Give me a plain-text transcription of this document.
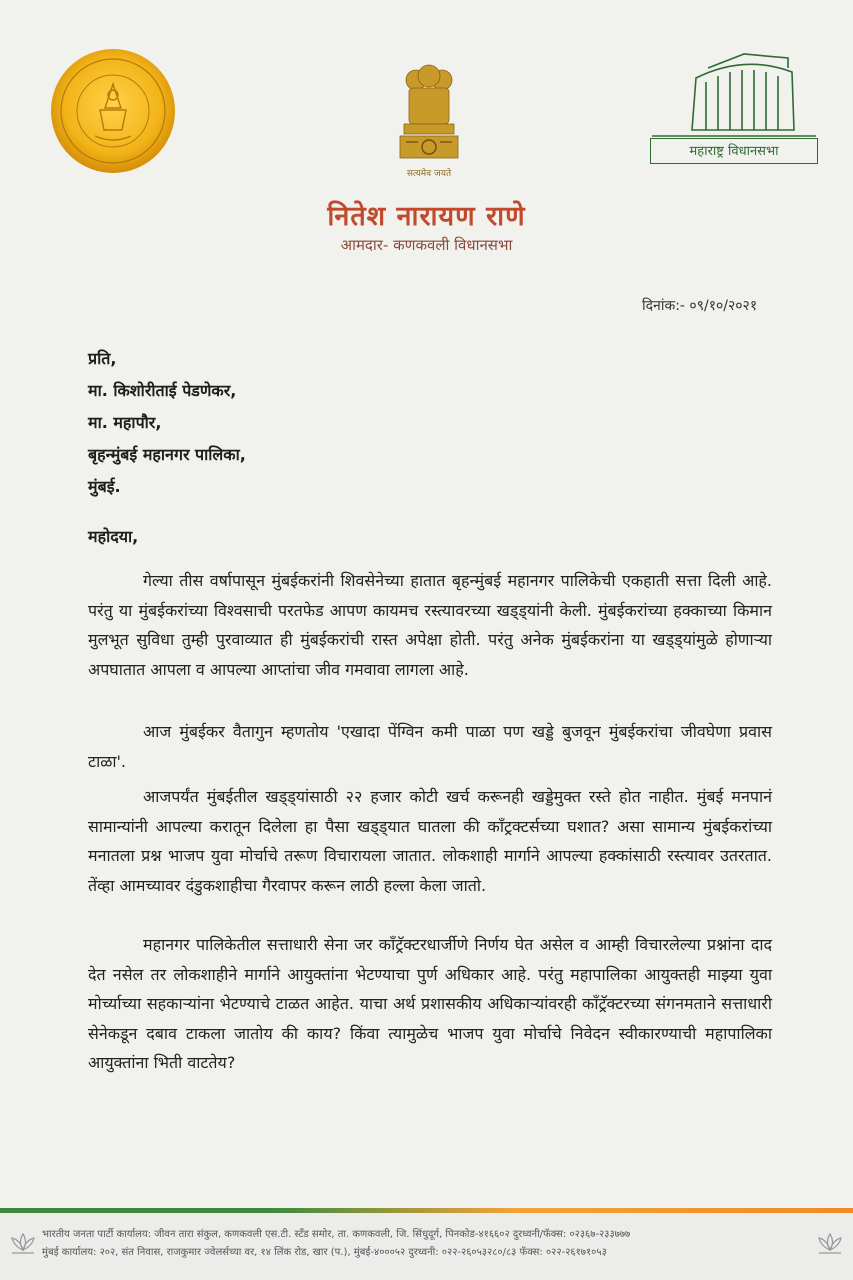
सत्यमेव जयते
महाराष्ट्र विधानसभा
नितेश नारायण राणे
आमदार- कणकवली विधानसभा
दिनांक:- ०९/१०/२०२१
प्रति,
मा. किशोरीताई पेडणेकर,
मा. महापौर,
बृहन्मुंबई महानगर पालिका,
मुंबई.
महोदया,

गेल्या तीस वर्षापासून मुंबईकरांनी शिवसेनेच्या हातात बृहन्मुंबई महानगर पालिकेची एकहाती सत्ता दिली आहे. परंतु या मुंबईकरांच्या विश्वसाची परतफेड आपण कायमच रस्त्यावरच्या खड्ड्यांनी केली. मुंबईकरांच्या हक्काच्या किमान मुलभूत सुविधा तुम्ही पुरवाव्यात ही मुंबईकरांची रास्त अपेक्षा होती. परंतु अनेक मुंबईकरांना या खड्ड्यांमुळे होणाऱ्या अपघातात आपला व आपल्या आप्तांचा जीव गमवावा लागला आहे.

आज मुंबईकर वैतागुन म्हणतोय 'एखादा पेंग्विन कमी पाळा पण खड्डे बुजवून मुंबईकरांचा जीवघेणा प्रवास टाळा'.

आजपर्यंत मुंबईतील खड्ड्यांसाठी २२ हजार कोटी खर्च करूनही खड्डेमुक्त रस्ते होत नाहीत. मुंबई मनपानं सामान्यांनी आपल्या करातून दिलेला हा पैसा खड्ड्यात घातला की कॉंट्रक्टर्सच्या घशात? असा सामान्य मुंबईकरांच्या मनातला प्रश्न भाजप युवा मोर्चाचे तरूण विचारायला जातात. लोकशाही मार्गाने आपल्या हक्कांसाठी रस्त्यावर उतरतात. तेंव्हा आमच्यावर दंडुकशाहीचा गैरवापर करून लाठी हल्ला केला जातो.

महानगर पालिकेतील सत्ताधारी सेना जर कॉंट्रॅक्टरधार्जीणे निर्णय घेत असेल व आम्ही विचारलेल्या प्रश्नांना दाद देत नसेल तर लोकशाहीने मार्गाने आयुक्तांना भेटण्याचा पुर्ण अधिकार आहे. परंतु महापालिका आयुक्तही माझ्या युवा मोर्च्याच्या सहकाऱ्यांना भेटण्याचे टाळत आहेत. याचा अर्थ प्रशासकीय अधिकाऱ्यांवरही कॉंट्रॅक्टरच्या संगनमताने सत्ताधारी सेनेकडून दबाव टाकला जातोय की काय? किंवा त्यामुळेच भाजप युवा मोर्चाचे निवेदन स्वीकारण्याची महापालिका आयुक्तांना भिती वाटतेय?

भारतीय जनता पार्टी कार्यालय: जीवन तारा संकुल, कणकवली एस.टी. स्टॅंड समोर, ता. कणकवली, जि. सिंधुदूर्ग, पिनकोड-४१६६०२ दुरध्वनी/फॅक्स: ०२३६७-२३३७७७
मुंबई कार्यालय: २०२, संत निवास, राजकुमार ज्वेलर्सच्या वर, १४ लिंक रोड, खार (प.), मुंबई-४०००५२ दुरध्वनी: ०२२-२६०५३२८०/८३ फॅक्स: ०२२-२६१७१०५३
